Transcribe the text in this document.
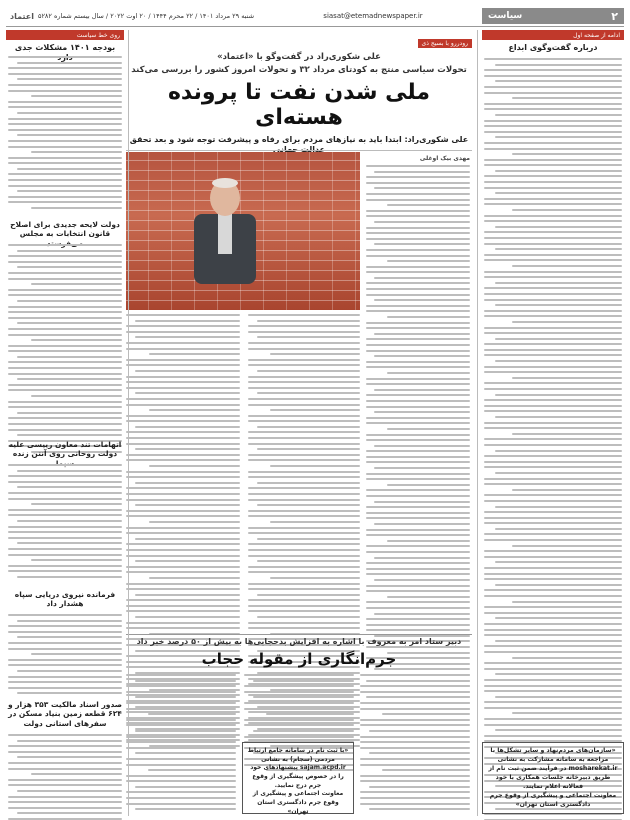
۲
سیاست
siasat@etemadnewspaper.ir
شنبه ۲۹ مرداد ۱۴۰۱ / ۲۲ محرم ۱۴۴۴ / ۲۰ اوت ۲۰۲۲ / سال بیستم شماره ۵۲۸۲
اعتماد
ادامه از صفحه اول
درباره گفت‌وگوی ابداع
«سازمان‌های مردم‌نهاد و سایر تشکل‌ها با مراجعه به سامانه مشارکت به نشانی mosharekat.ir در فرآیند ضمن ثبت نام از طریق دبیرخانه جلسات همکاری با خود فعالانه اعلام نمایند.
معاونت اجتماعی و پیشگیری از وقوع جرم دادگستری استان تهران»
رودررو با بسیج ذی
علی شکوری‌راد در گفت‌وگو با «اعتماد»
تحولات سیاسی منتج به کودتای مرداد ۳۲ و تحولات امروز کشور را بررسی می‌کند
ملی شدن نفت تا پرونده هسته‌ای
علی شکوری‌راد: ابتدا باید به نیازهای مردم برای رفاه و پیشرفت توجه شود و بعد تحقق
مهدی بیک اوغلی
دبیر ستاد امر به معروف با اشاره به افزایش بدحجابی‌ها به بیش از ۵۰ درصد خبر داد
جرم‌انگاری از مقوله حجاب
«با ثبت نام در سامانه جامع ارتباط مردمی (سجام) به نشانی sajam.acpd.ir پیشنهادهای خود را در خصوص پیشگیری از وقوع جرم درج نمایید.
معاونت اجتماعی و پیشگیری از وقوع جرم دادگستری استان تهران»
روی خط سیاست
بودجه ۱۴۰۱ مشکلات جدی
دولت لایحه جدیدی برای اصلاح قانون انتخابات به مجلس
اتهامات تند معاون رییسی علیه دولت روحانی روی آنتن زنده
فرمانده نیروی دریایی سپاه هشدار داد
صدور اسناد مالکیت ۳۵۳ هزار و ۶۲۴ قطعه زمین بنیاد مسکن در سفرهای استانی دولت
